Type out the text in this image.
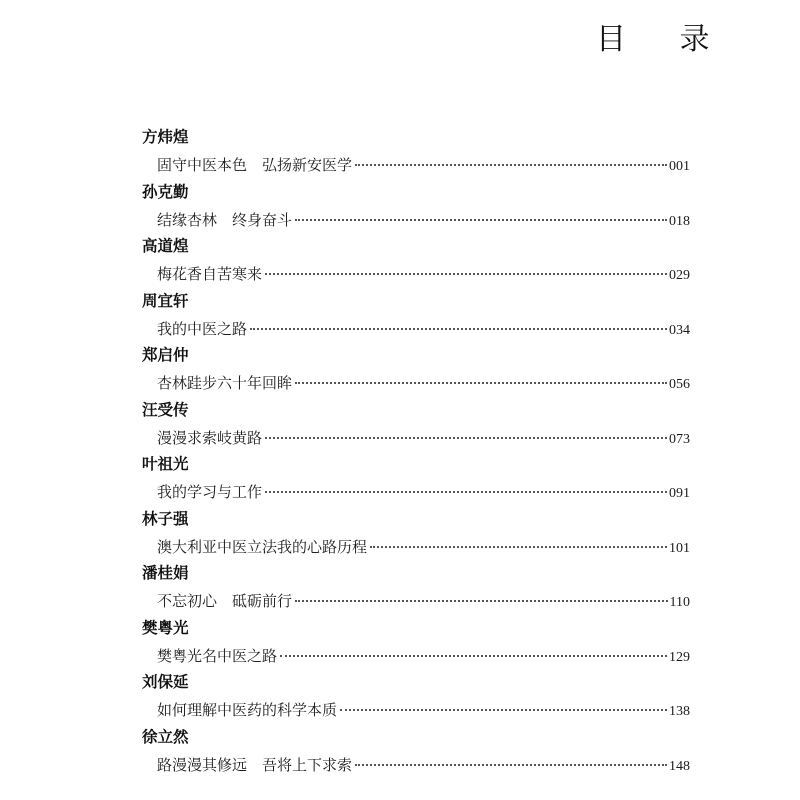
目 录
方炜煌
固守中医本色　弘扬新安医学	001
孙克勤
结缘杏林　终身奋斗	018
高道煌
梅花香自苦寒来	029
周宜轩
我的中医之路	034
郑启仲
杏林跬步六十年回眸	056
汪受传
漫漫求索岐黄路	073
叶祖光
我的学习与工作	091
林子强
澳大利亚中医立法我的心路历程	101
潘桂娟
不忘初心　砥砺前行	110
樊粤光
樊粤光名中医之路	129
刘保延
如何理解中医药的科学本质	138
徐立然
路漫漫其修远　吾将上下求索	148
